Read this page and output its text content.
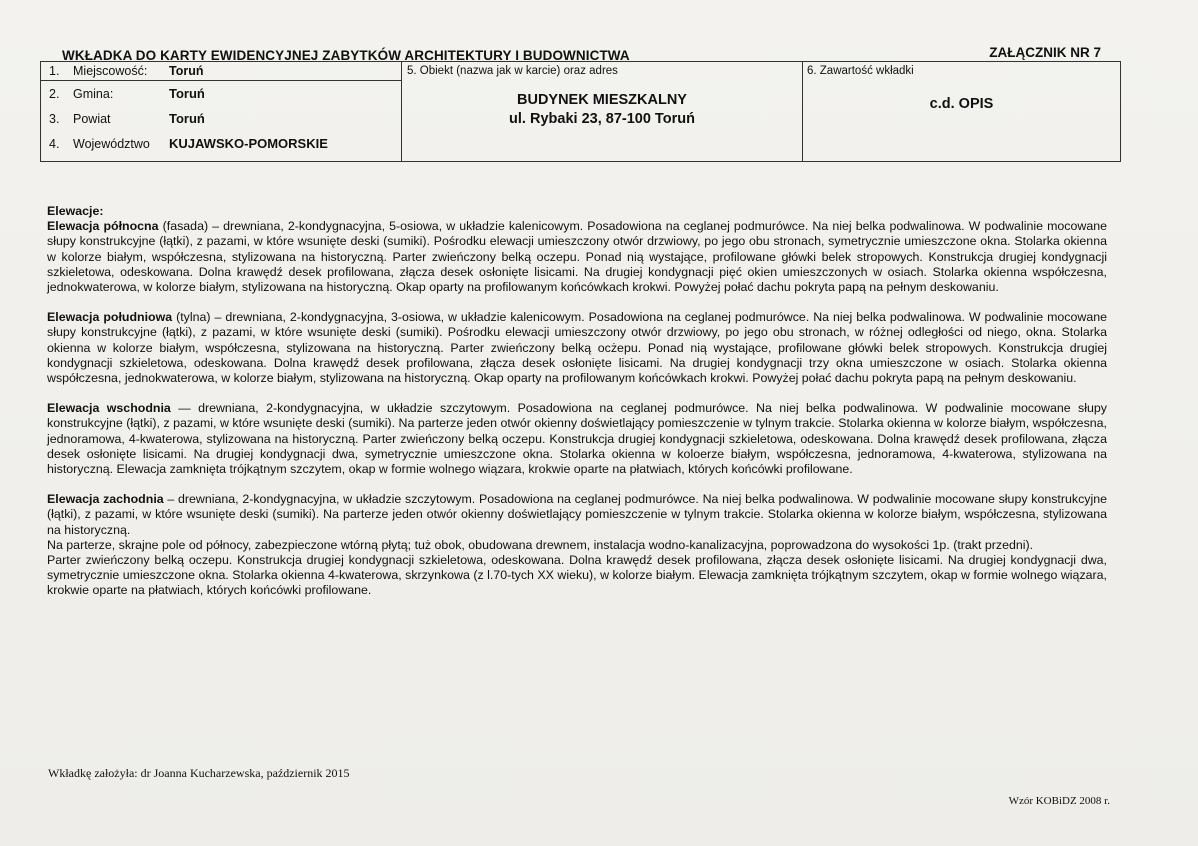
WKŁADKA DO KARTY EWIDENCYJNEJ ZABYTKÓW ARCHITEKTURY I BUDOWNICTWA	ZAŁĄCZNIK NR 7
1.	Miejscowość:	Toruń
2.	Gmina:	Toruń
3.	Powiat	Toruń
4.	Województwo	KUJAWSKO-POMORSKIE
5. Obiekt (nazwa jak w karcie) oraz adres
BUDYNEK MIESZKALNY
ul. Rybaki 23, 87-100 Toruń
6. Zawartość wkładki
c.d. OPIS

Elewacje:

Elewacja północna (fasada) – drewniana, 2-kondygnacyjna, 5-osiowa, w układzie kalenicowym. Posadowiona na ceglanej podmurówce. Na niej belka podwalinowa. W podwalinie mocowane słupy konstrukcyjne (łątki), z pazami, w które wsunięte deski (sumiki). Pośrodku elewacji umieszczony otwór drzwiowy, po jego obu stronach, symetrycznie umieszczone okna. Stolarka okienna w kolorze białym, współczesna, stylizowana na historyczną. Parter zwieńczony belką oczepu. Ponad nią wystające, profilowane główki belek stropowych. Konstrukcja drugiej kondygnacji szkieletowa, odeskowana. Dolna krawędź desek profilowana, złącza desek osłonięte lisicami. Na drugiej kondygnacji pięć okien umieszczonych w osiach. Stolarka okienna współczesna, jednokwaterowa, w kolorze białym, stylizowana na historyczną. Okap oparty na profilowanym końcówkach krokwi. Powyżej połać dachu pokryta papą na pełnym deskowaniu.

Elewacja południowa (tylna) – drewniana, 2-kondygnacyjna, 3-osiowa, w układzie kalenicowym. Posadowiona na ceglanej podmurówce. Na niej belka podwalinowa. W podwalinie mocowane słupy konstrukcyjne (łątki), z pazami, w które wsunięte deski (sumiki). Pośrodku elewacji umieszczony otwór drzwiowy, po jego obu stronach, w różnej odległości od niego, okna. Stolarka okienna w kolorze białym, współczesna, stylizowana na historyczną. Parter zwieńczony belką ocżepu. Ponad nią wystające, profilowane główki belek stropowych. Konstrukcja drugiej kondygnacji szkieletowa, odeskowana. Dolna krawędź desek profilowana, złącza desek osłonięte lisicami. Na drugiej kondygnacji trzy okna umieszczone w osiach. Stolarka okienna współczesna, jednokwaterowa, w kolorze białym, stylizowana na historyczną. Okap oparty na profilowanym końcówkach krokwi. Powyżej połać dachu pokryta papą na pełnym deskowaniu.

Elewacja wschodnia — drewniana, 2-kondygnacyjna, w układzie szczytowym. Posadowiona na ceglanej podmurówce. Na niej belka podwalinowa. W podwalinie mocowane słupy konstrukcyjne (łątki), z pazami, w które wsunięte deski (sumiki). Na parterze jeden otwór okienny doświetlający pomieszczenie w tylnym trakcie. Stolarka okienna w kolorze białym, współczesna, jednoramowa, 4-kwaterowa, stylizowana na historyczną. Parter zwieńczony belką oczepu. Konstrukcja drugiej kondygnacji szkieletowa, odeskowana. Dolna krawędź desek profilowana, złącza desek osłonięte lisicami. Na drugiej kondygnacji dwa, symetrycznie umieszczone okna. Stolarka okienna w koloerze białym, współczesna, jednoramowa, 4-kwaterowa, stylizowana na historyczną. Elewacja zamknięta trójkątnym szczytem, okap w formie wolnego wiązara, krokwie oparte na płatwiach, których końcówki profilowane.

Elewacja zachodnia – drewniana, 2-kondygnacyjna, w układzie szczytowym. Posadowiona na ceglanej podmurówce. Na niej belka podwalinowa. W podwalinie mocowane słupy konstrukcyjne (łątki), z pazami, w które wsunięte deski (sumiki). Na parterze jeden otwór okienny doświetlający pomieszczenie w tylnym trakcie. Stolarka okienna w kolorze białym, współczesna, stylizowana na historyczną.

Na parterze, skrajne pole od północy, zabezpieczone wtórną płytą; tuż obok, obudowana drewnem, instalacja wodno-kanalizacyjna, poprowadzona do wysokości 1p. (trakt przedni).

Parter zwieńczony belką oczepu. Konstrukcja drugiej kondygnacji szkieletowa, odeskowana. Dolna krawędź desek profilowana, złącza desek osłonięte lisicami. Na drugiej kondygnacji dwa, symetrycznie umieszczone okna. Stolarka okienna 4-kwaterowa, skrzynkowa (z l.70-tych XX wieku), w kolorze białym. Elewacja zamknięta trójkątnym szczytem, okap w formie wolnego wiązara, krokwie oparte na płatwiach, których końcówki profilowane.

Wkładkę założyła: dr Joanna Kucharzewska, październik 2015
Wzór KOBiDZ 2008 r.
